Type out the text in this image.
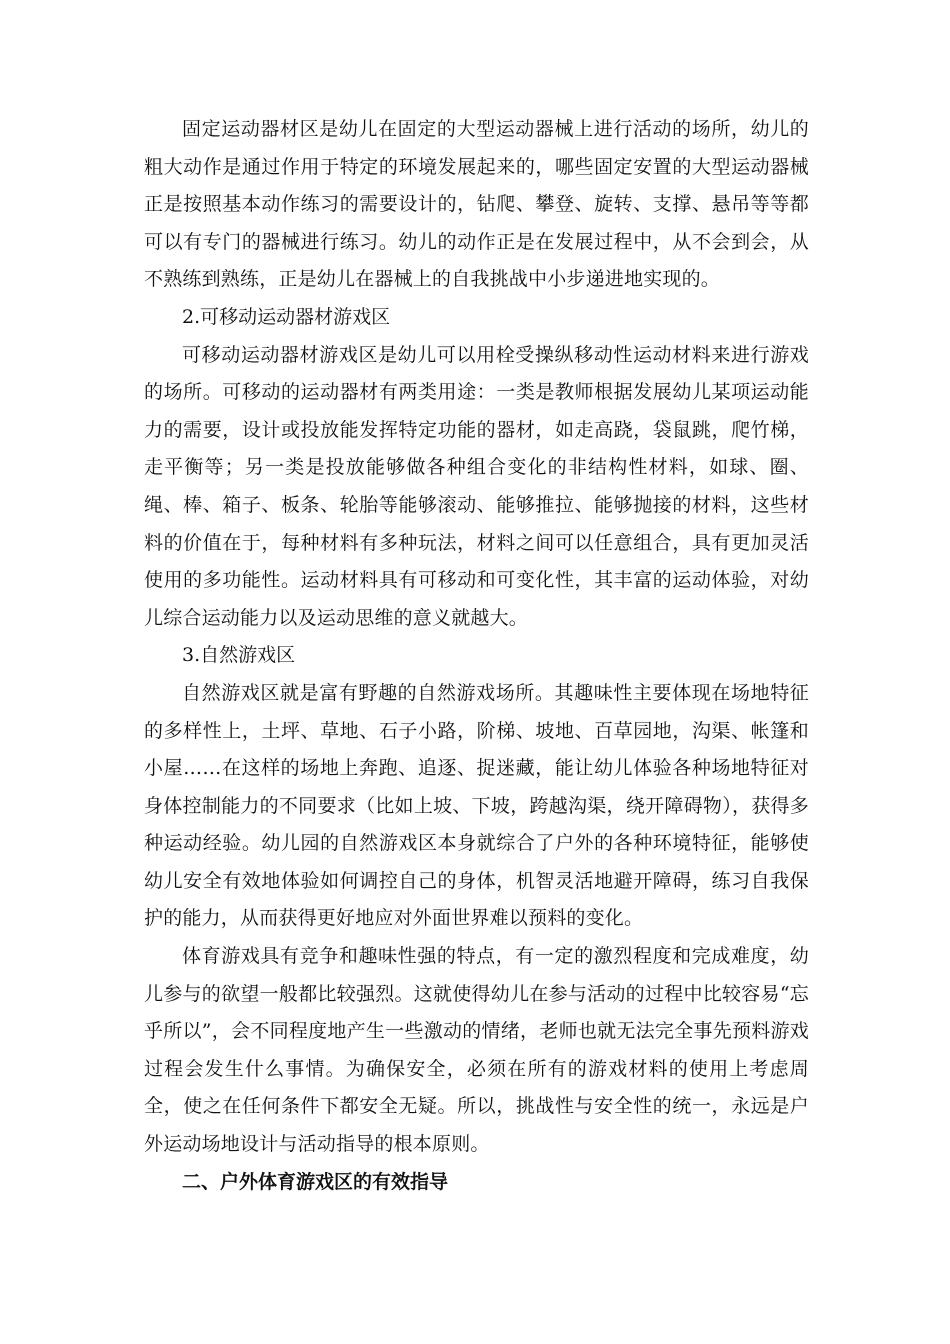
固定运动器材区是幼儿在固定的大型运动器械上进行活动的场所，幼儿的粗大动作是通过作用于特定的环境发展起来的，哪些固定安置的大型运动器械正是按照基本动作练习的需要设计的，钻爬、攀登、旋转、支撑、悬吊等等都可以有专门的器械进行练习。幼儿的动作正是在发展过程中，从不会到会，从不熟练到熟练，正是幼儿在器械上的自我挑战中小步递进地实现的。

2.可移动运动器材游戏区

可移动运动器材游戏区是幼儿可以用栓受操纵移动性运动材料来进行游戏的场所。可移动的运动器材有两类用途：一类是教师根据发展幼儿某项运动能力的需要，设计或投放能发挥特定功能的器材，如走高跷，袋鼠跳，爬竹梯，走平衡等；另一类是投放能够做各种组合变化的非结构性材料，如球、圈、绳、棒、箱子、板条、轮胎等能够滚动、能够推拉、能够抛接的材料，这些材料的价值在于，每种材料有多种玩法，材料之间可以任意组合，具有更加灵活使用的多功能性。运动材料具有可移动和可变化性，其丰富的运动体验，对幼儿综合运动能力以及运动思维的意义就越大。

3.自然游戏区

自然游戏区就是富有野趣的自然游戏场所。其趣味性主要体现在场地特征的多样性上，土坪、草地、石子小路，阶梯、坡地、百草园地，沟渠、帐篷和小屋……在这样的场地上奔跑、追逐、捉迷藏，能让幼儿体验各种场地特征对身体控制能力的不同要求（比如上坡、下坡，跨越沟渠，绕开障碍物），获得多种运动经验。幼儿园的自然游戏区本身就综合了户外的各种环境特征，能够使幼儿安全有效地体验如何调控自己的身体，机智灵活地避开障碍，练习自我保护的能力，从而获得更好地应对外面世界难以预料的变化。

体育游戏具有竞争和趣味性强的特点，有一定的激烈程度和完成难度，幼儿参与的欲望一般都比较强烈。这就使得幼儿在参与活动的过程中比较容易“忘乎所以”，会不同程度地产生一些激动的情绪，老师也就无法完全事先预料游戏过程会发生什么事情。为确保安全，必须在所有的游戏材料的使用上考虑周全，使之在任何条件下都安全无疑。所以，挑战性与安全性的统一，永远是户外运动场地设计与活动指导的根本原则。

二、户外体育游戏区的有效指导
